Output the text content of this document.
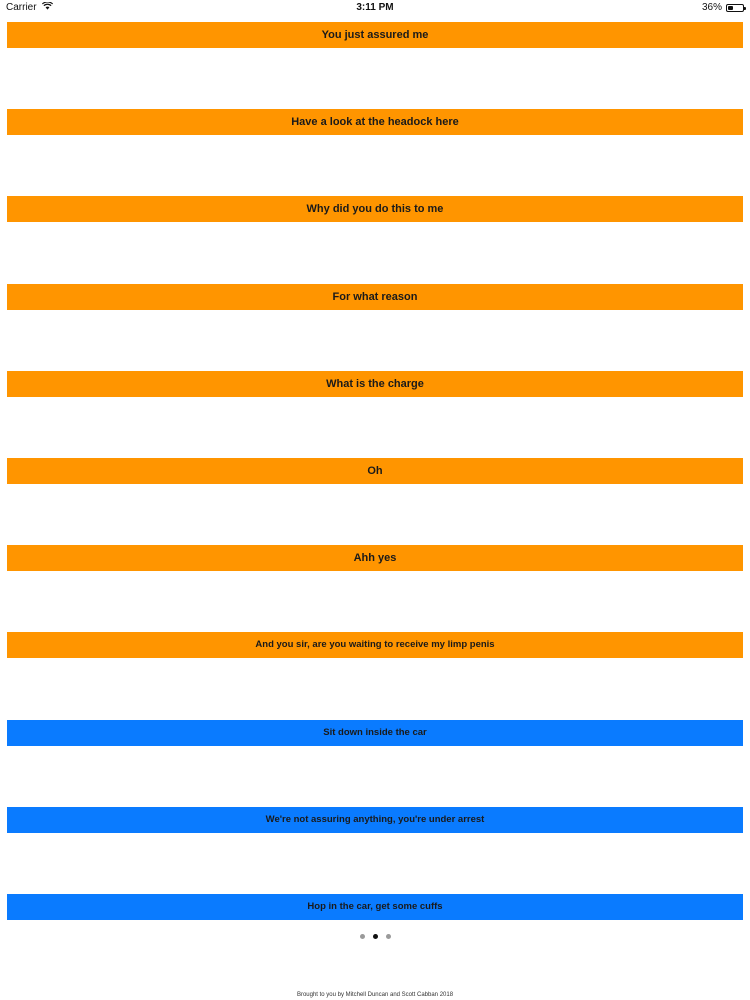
Carrier	3:11 PM	36%
You just assured me
Have a look at the headock here
Why did you do this to me
For what reason
What is the charge
Oh
Ahh yes
And you sir, are you waiting to receive my limp penis
Sit down inside the car
We're not assuring anything, you're under arrest
Hop in the car, get some cuffs
Brought to you by Mitchell Duncan and Scott Cabban 2018
